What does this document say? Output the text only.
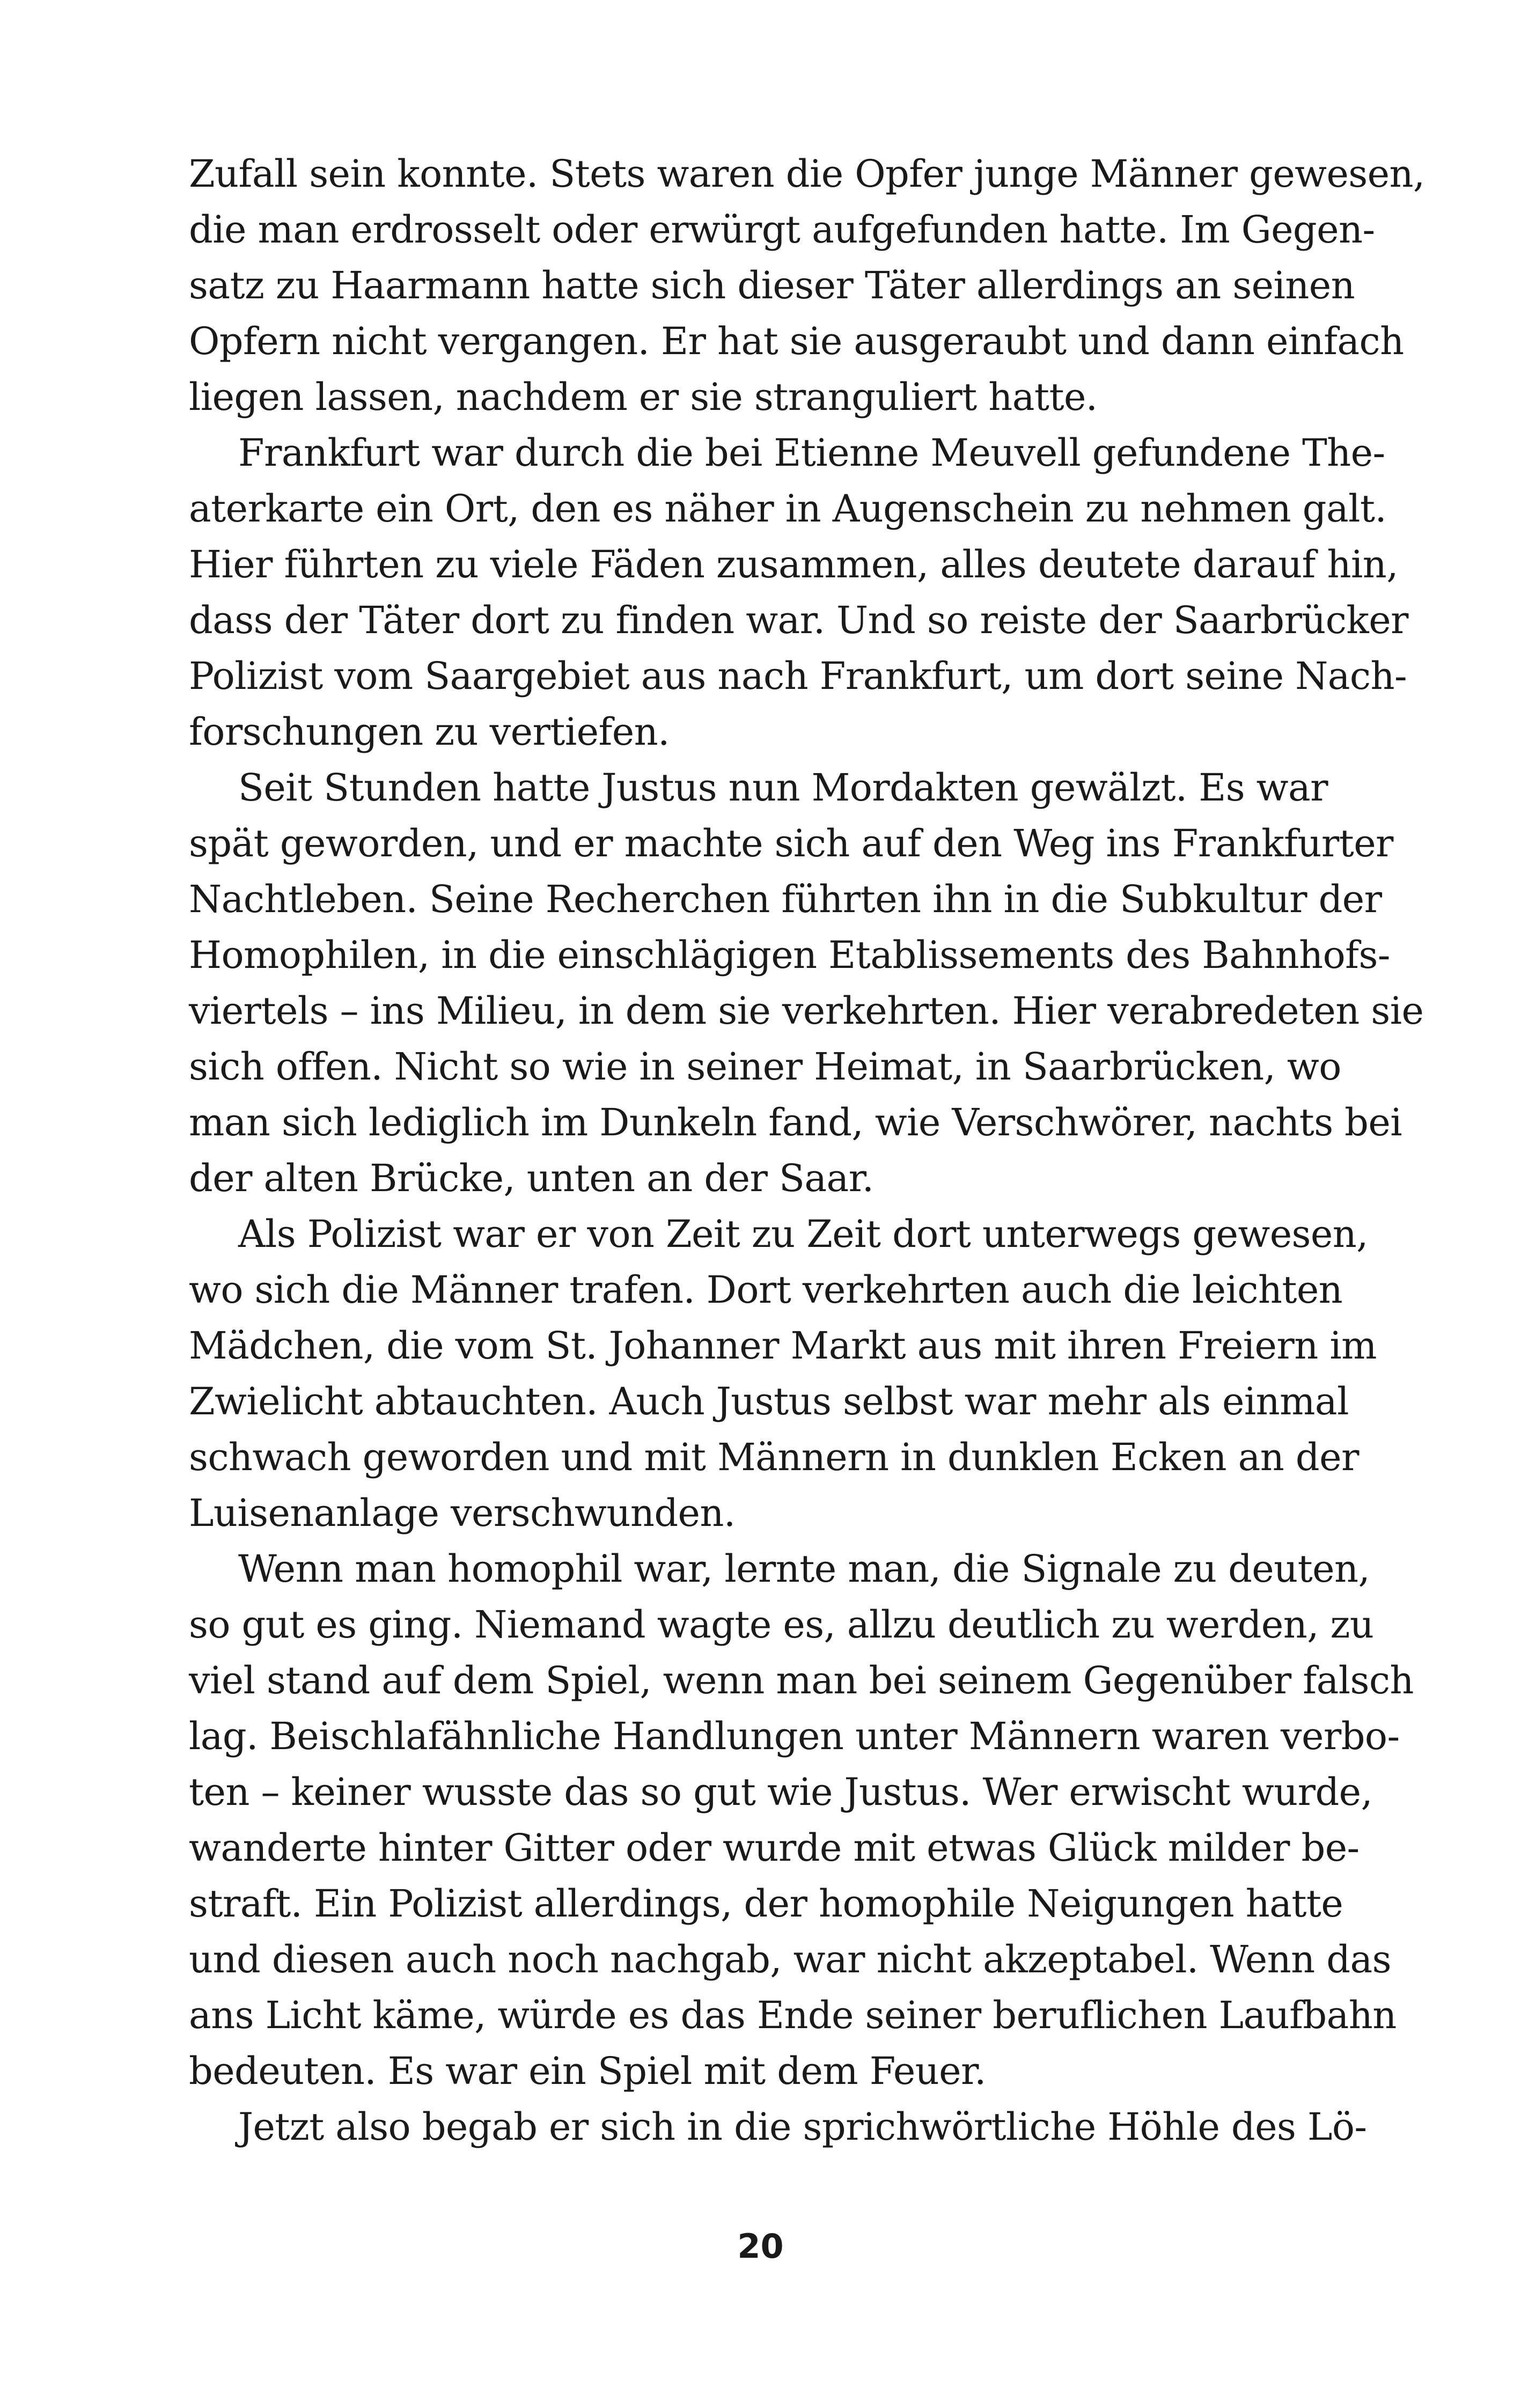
Zufall sein konnte. Stets waren die Opfer junge Männer gewesen,
die man erdrosselt oder erwürgt aufgefunden hatte. Im Gegen-
satz zu Haarmann hatte sich dieser Täter allerdings an seinen
Opfern nicht vergangen. Er hat sie ausgeraubt und dann einfach
liegen lassen, nachdem er sie stranguliert hatte.
Frankfurt war durch die bei Etienne Meuvell gefundene The-
aterkarte ein Ort, den es näher in Augenschein zu nehmen galt.
Hier führten zu viele Fäden zusammen, alles deutete darauf hin,
dass der Täter dort zu finden war. Und so reiste der Saarbrücker
Polizist vom Saargebiet aus nach Frankfurt, um dort seine Nach-
forschungen zu vertiefen.
Seit Stunden hatte Justus nun Mordakten gewälzt. Es war
spät geworden, und er machte sich auf den Weg ins Frankfurter
Nachtleben. Seine Recherchen führten ihn in die Subkultur der
Homophilen, in die einschlägigen Etablissements des Bahnhofs-
viertels – ins Milieu, in dem sie verkehrten. Hier verabredeten sie
sich offen. Nicht so wie in seiner Heimat, in Saarbrücken, wo
man sich lediglich im Dunkeln fand, wie Verschwörer, nachts bei
der alten Brücke, unten an der Saar.
Als Polizist war er von Zeit zu Zeit dort unterwegs gewesen,
wo sich die Männer trafen. Dort verkehrten auch die leichten
Mädchen, die vom St. Johanner Markt aus mit ihren Freiern im
Zwielicht abtauchten. Auch Justus selbst war mehr als einmal
schwach geworden und mit Männern in dunklen Ecken an der
Luisenanlage verschwunden.
Wenn man homophil war, lernte man, die Signale zu deuten,
so gut es ging. Niemand wagte es, allzu deutlich zu werden, zu
viel stand auf dem Spiel, wenn man bei seinem Gegenüber falsch
lag. Beischlafähnliche Handlungen unter Männern waren verbo-
ten – keiner wusste das so gut wie Justus. Wer erwischt wurde,
wanderte hinter Gitter oder wurde mit etwas Glück milder be-
straft. Ein Polizist allerdings, der homophile Neigungen hatte
und diesen auch noch nachgab, war nicht akzeptabel. Wenn das
ans Licht käme, würde es das Ende seiner beruflichen Laufbahn
bedeuten. Es war ein Spiel mit dem Feuer.
Jetzt also begab er sich in die sprichwörtliche Höhle des Lö-
20
